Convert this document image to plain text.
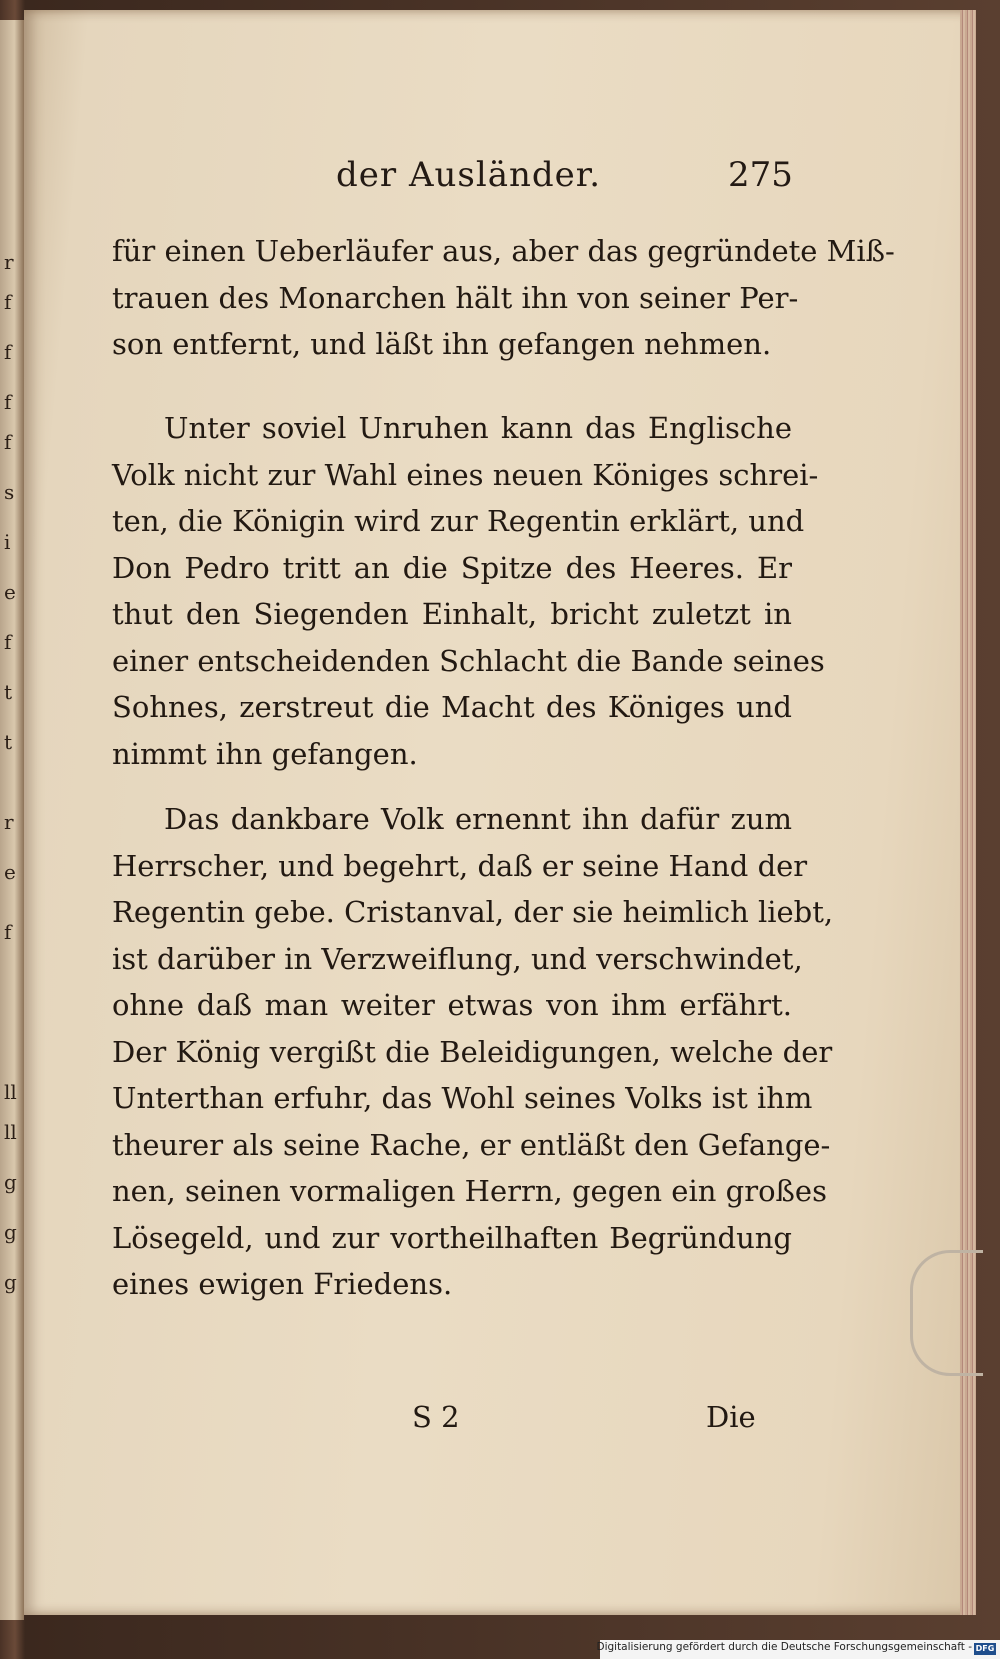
r
f
f
f
f
s
i
e
f
t
t
r
e
f
ll
ll
g
g
g
der Ausländer.	275
für einen Ueberläufer aus, aber das gegründete Miß-
trauen des Monarchen hält ihn von seiner Per-
son entfernt, und läßt ihn gefangen nehmen.
Unter soviel Unruhen kann das Englische
Volk nicht zur Wahl eines neuen Königes schrei-
ten, die Königin wird zur Regentin erklärt, und
Don Pedro tritt an die Spitze des Heeres. Er
thut den Siegenden Einhalt, bricht zuletzt in
einer entscheidenden Schlacht die Bande seines
Sohnes, zerstreut die Macht des Königes und
nimmt ihn gefangen.
Das dankbare Volk ernennt ihn dafür zum
Herrscher, und begehrt, daß er seine Hand der
Regentin gebe. Cristanval, der sie heimlich liebt,
ist darüber in Verzweiflung, und verschwindet,
ohne daß man weiter etwas von ihm erfährt.
Der König vergißt die Beleidigungen, welche der
Unterthan erfuhr, das Wohl seines Volks ist ihm
theurer als seine Rache, er entläßt den Gefange-
nen, seinen vormaligen Herrn, gegen ein großes
Lösegeld, und zur vortheilhaften Begründung
eines ewigen Friedens.
S 2	Die
Digitalisierung gefördert durch die Deutsche Forschungsgemeinschaft - DFG
